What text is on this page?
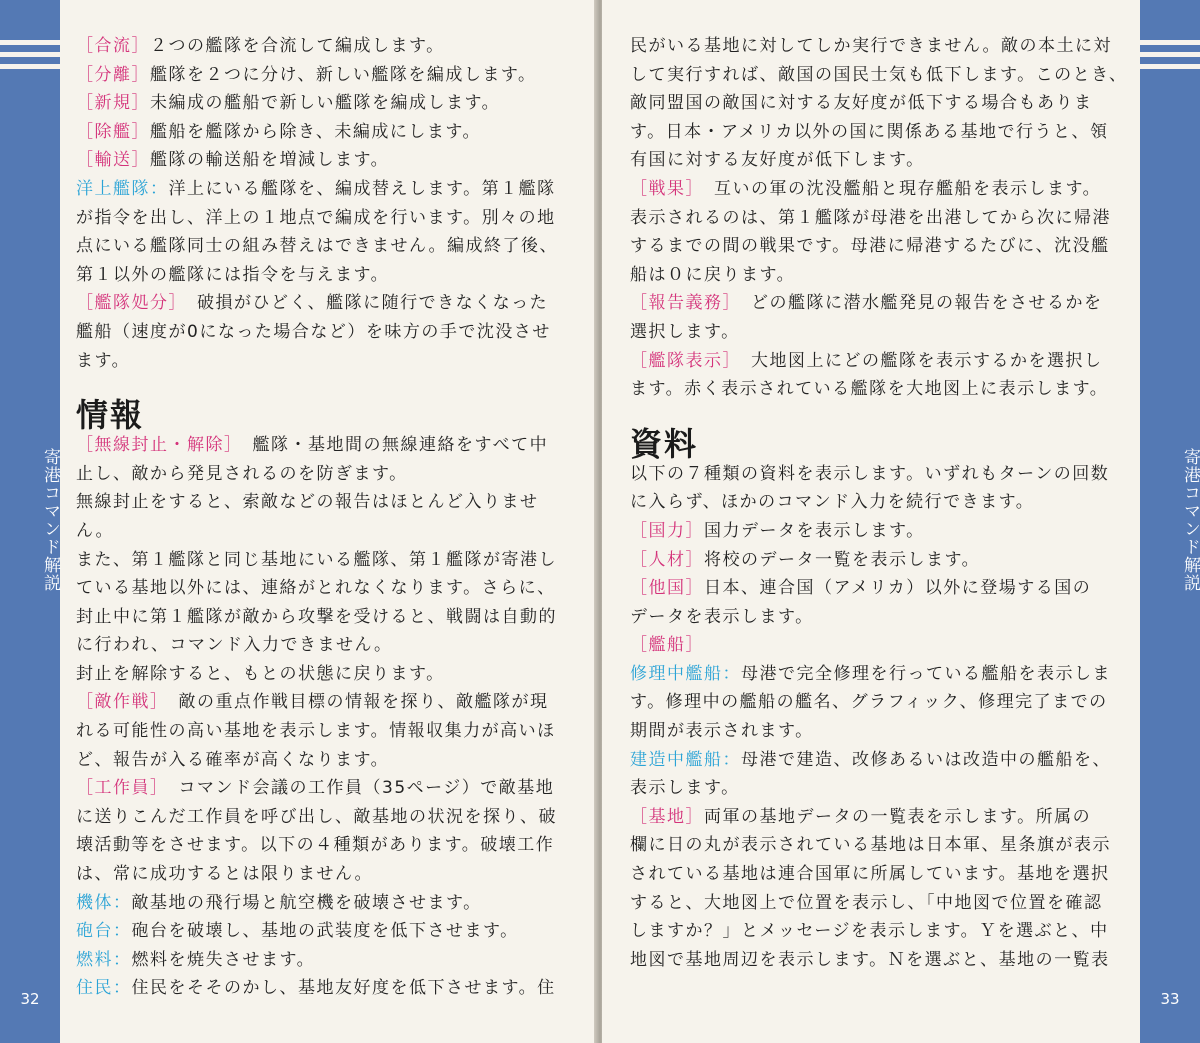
寄港コマンド解説
32

［合流］２つの艦隊を合流して編成します。

［分離］艦隊を２つに分け、新しい艦隊を編成します。

［新規］未編成の艦船で新しい艦隊を編成します。

［除艦］艦船を艦隊から除き、未編成にします。

［輸送］艦隊の輸送船を増減します。

洋上艦隊：洋上にいる艦隊を、編成替えします。第１艦隊

が指令を出し、洋上の１地点で編成を行います。別々の地

点にいる艦隊同士の組み替えはできません。編成終了後、

第１以外の艦隊には指令を与えます。

［艦隊処分］　破損がひどく、艦隊に随行できなくなった

艦船（速度が0になった場合など）を味方の手で沈没させ

ます。

情報

［無線封止・解除］　艦隊・基地間の無線連絡をすべて中

止し、敵から発見されるのを防ぎます。

無線封止をすると、索敵などの報告はほとんど入りません。

また、第１艦隊と同じ基地にいる艦隊、第１艦隊が寄港し

ている基地以外には、連絡がとれなくなります。さらに、

封止中に第１艦隊が敵から攻撃を受けると、戦闘は自動的

に行われ、コマンド入力できません。

封止を解除すると、もとの状態に戻ります。

［敵作戦］　敵の重点作戦目標の情報を探り、敵艦隊が現

れる可能性の高い基地を表示します。情報収集力が高いほ

ど、報告が入る確率が高くなります。

［工作員］　コマンド会議の工作員（35ページ）で敵基地

に送りこんだ工作員を呼び出し、敵基地の状況を探り、破

壊活動等をさせます。以下の４種類があります。破壊工作

は、常に成功するとは限りません。

機体：敵基地の飛行場と航空機を破壊させます。

砲台：砲台を破壊し、基地の武装度を低下させます。

燃料：燃料を焼失させます。

住民：住民をそそのかし、基地友好度を低下させます。住

寄港コマンド解説
33

民がいる基地に対してしか実行できません。敵の本土に対

して実行すれば、敵国の国民士気も低下します。このとき、

敵同盟国の敵国に対する友好度が低下する場合もありま

す。日本・アメリカ以外の国に関係ある基地で行うと、領

有国に対する友好度が低下します。

［戦果］　互いの軍の沈没艦船と現存艦船を表示します。

表示されるのは、第１艦隊が母港を出港してから次に帰港

するまでの間の戦果です。母港に帰港するたびに、沈没艦

船は０に戻ります。

［報告義務］　どの艦隊に潜水艦発見の報告をさせるかを

選択します。

［艦隊表示］　大地図上にどの艦隊を表示するかを選択し

ます。赤く表示されている艦隊を大地図上に表示します。

資料

以下の７種類の資料を表示します。いずれもターンの回数

に入らず、ほかのコマンド入力を続行できます。

［国力］国力データを表示します。

［人材］将校のデータ一覧を表示します。

［他国］日本、連合国（アメリカ）以外に登場する国の

データを表示します。

［艦船］

修理中艦船：母港で完全修理を行っている艦船を表示しま

す。修理中の艦船の艦名、グラフィック、修理完了までの

期間が表示されます。

建造中艦船：母港で建造、改修あるいは改造中の艦船を、

表示します。

［基地］両軍の基地データの一覧表を示します。所属の

欄に日の丸が表示されている基地は日本軍、星条旗が表示

されている基地は連合国軍に所属しています。基地を選択

すると、大地図上で位置を表示し、「中地図で位置を確認

しますか？」とメッセージを表示します。Ｙを選ぶと、中

地図で基地周辺を表示します。Ｎを選ぶと、基地の一覧表
